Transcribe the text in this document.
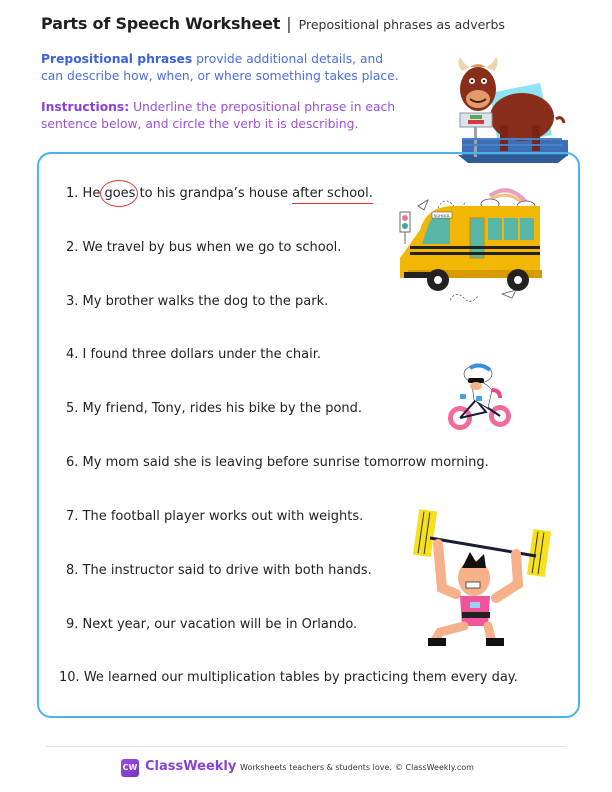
Parts of Speech Worksheet | Prepositional phrases as adverbs

Prepositional phrases provide additional details, and can describe how, when, or where something takes place.

Instructions: Underline the prepositional phrase in each sentence below, and circle the verb it is describing.

1. He goes to his grandpa’s house after school.
2. We travel by bus when we go to school.
3. My brother walks the dog to the park.
4. I found three dollars under the chair.
5. My friend, Tony, rides his bike by the pond.
6. My mom said she is leaving before sunrise tomorrow morning.
7. The football player works out with weights.
8. The instructor said to drive with both hands.
9. Next year, our vacation will be in Orlando.
10. We learned our multiplication tables by practicing them every day.
SCHOOL
CW ClassWeekly Worksheets teachers & students love. © ClassWeekly.com
